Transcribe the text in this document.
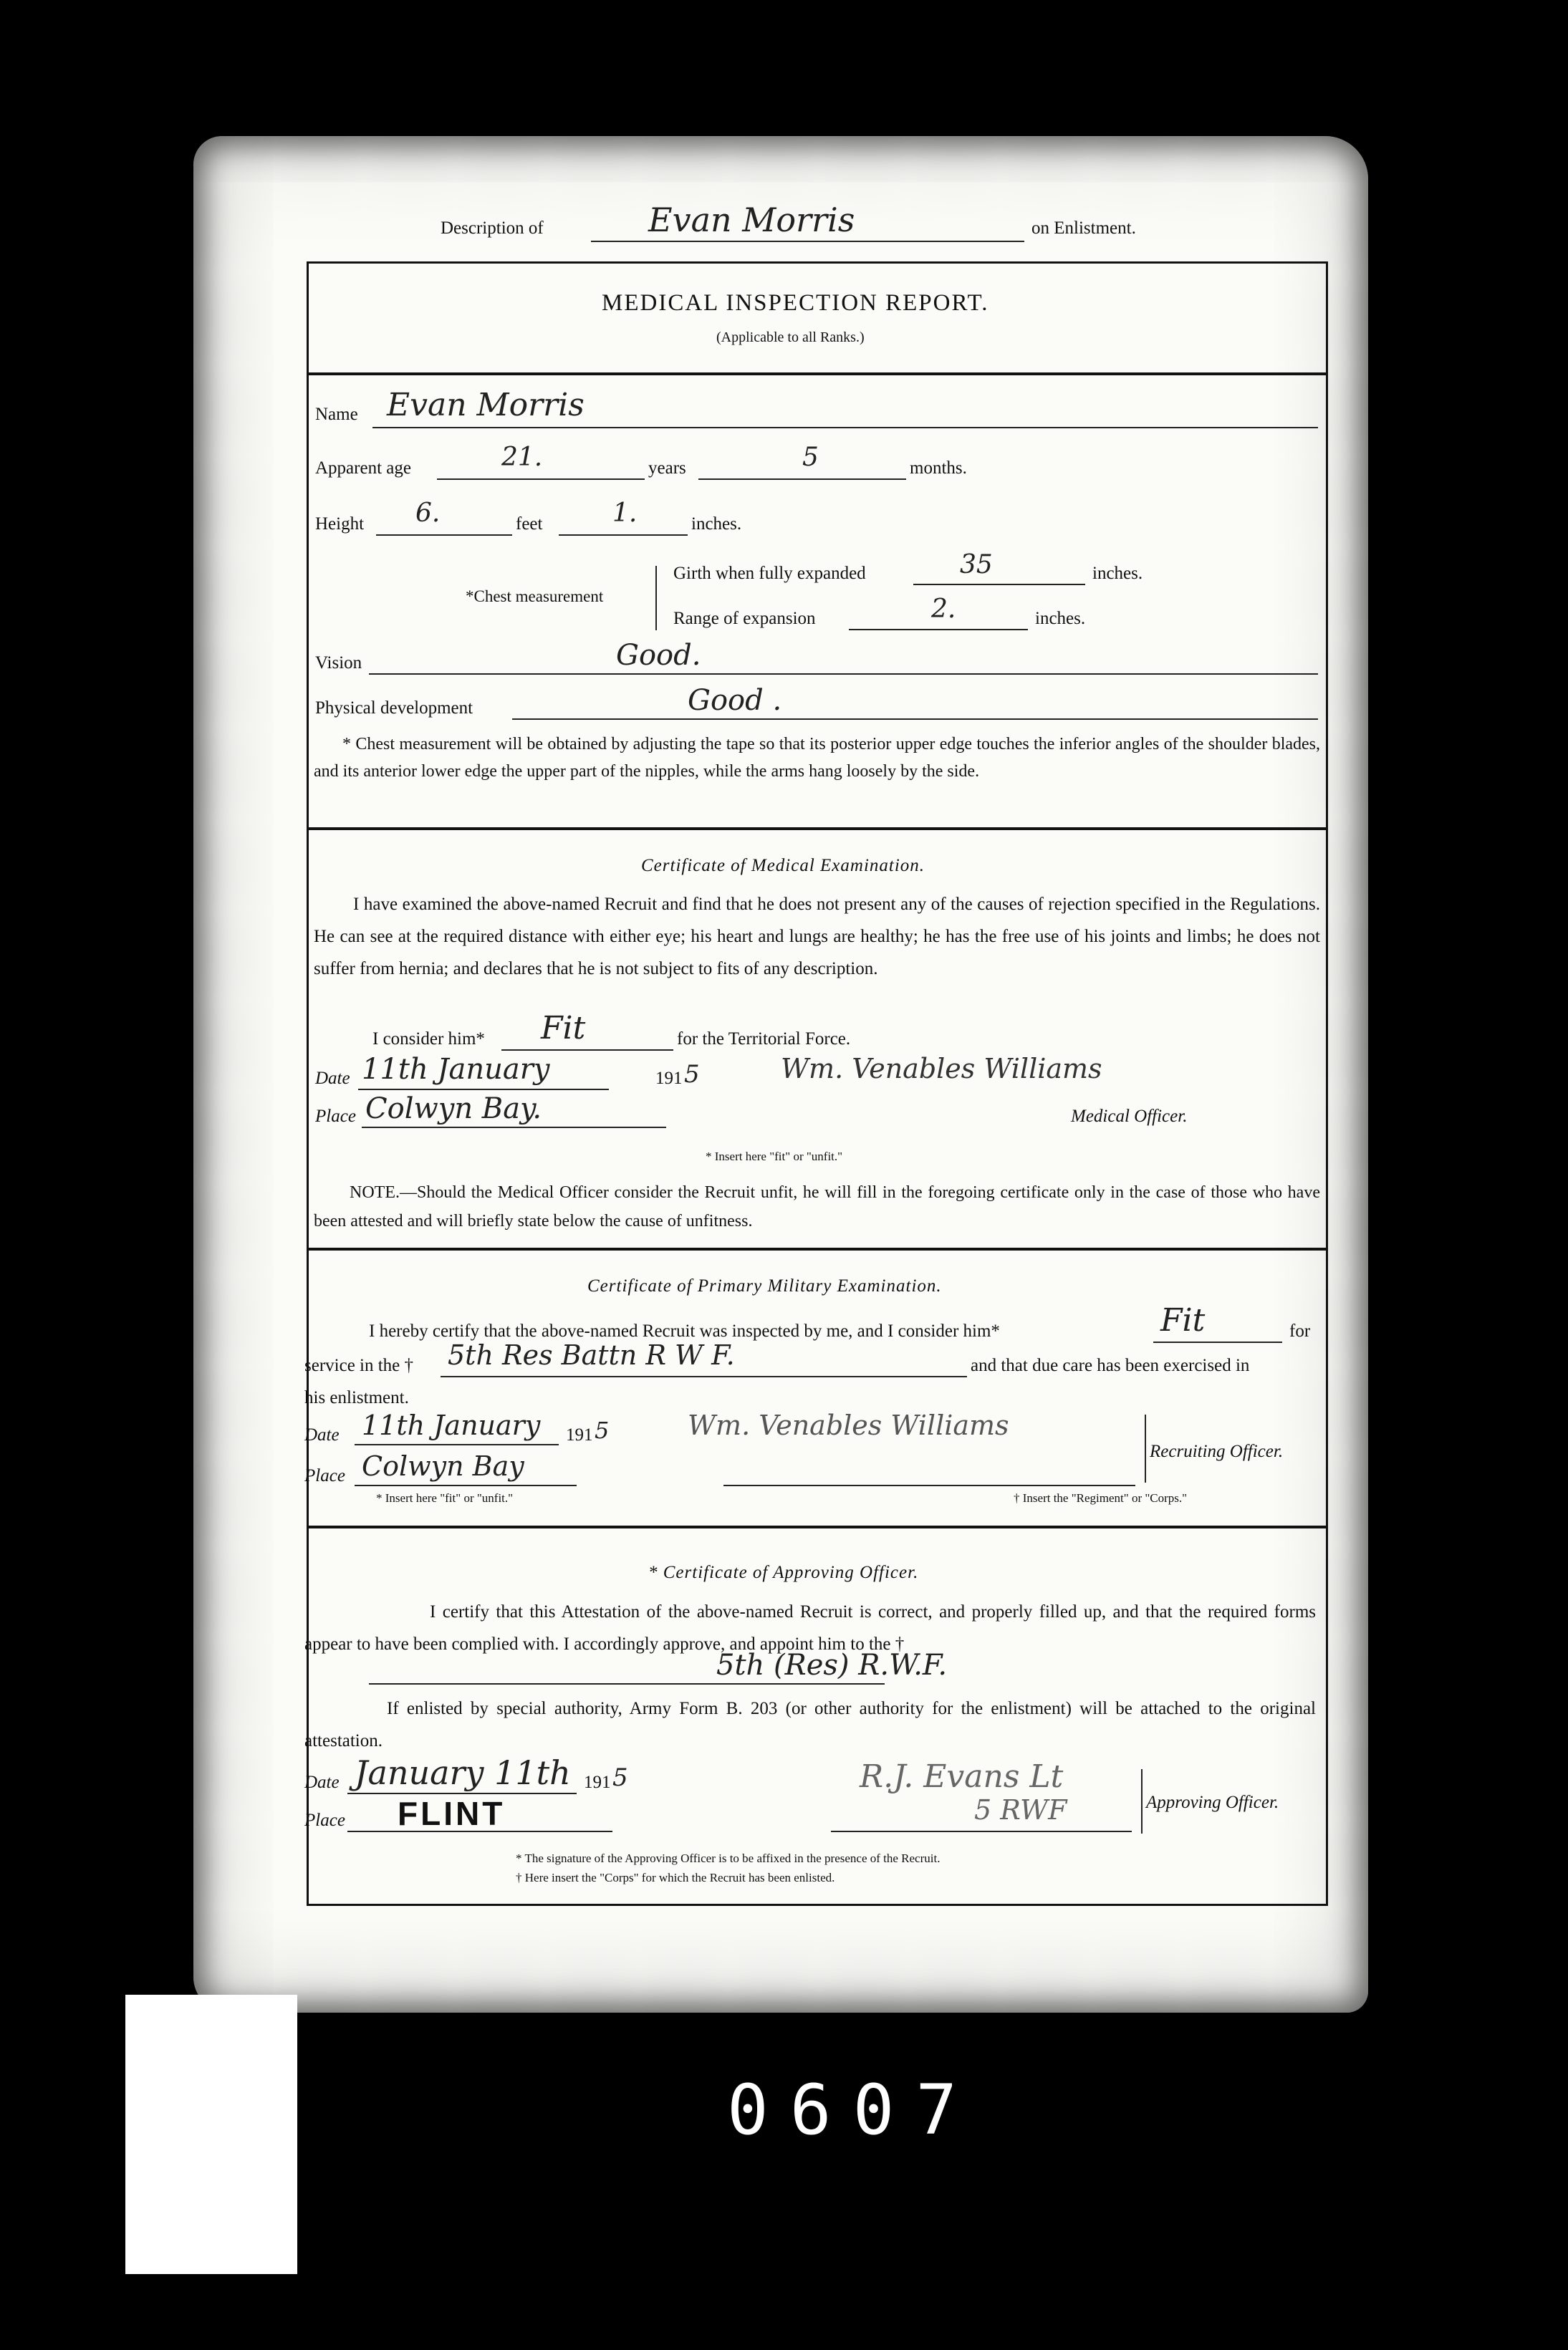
Description of	Evan Morris	on Enlistment.
MEDICAL INSPECTION REPORT.
(Applicable to all Ranks.)
Name Evan Morris
Apparent age	21.	years	5	months.
Height 6.	feet	1.	inches.
*Chest measurement
Girth when fully expanded	35	inches.
Range of expansion	2.	inches.
Vision	Good.
Physical development	Good .
* Chest measurement will be obtained by adjusting the tape so that its posterior upper edge touches the inferior angles of the shoulder blades, and its anterior lower edge the upper part of the nipples, while the arms hang loosely by the side.
Certificate of Medical Examination.
I have examined the above-named Recruit and find that he does not present any of the causes of rejection specified in the Regulations. He can see at the required distance with either eye; his heart and lungs are healthy; he has the free use of his joints and limbs; he does not suffer from hernia; and declares that he is not subject to fits of any description.
I consider him* Fit	for the Territorial Force.
Date 11th January	191 5	Wm. Venables Williams
Place Colwyn Bay.	Medical Officer.
* Insert here "fit" or "unfit."
NOTE.—Should the Medical Officer consider the Recruit unfit, he will fill in the foregoing certificate only in the case of those who have been attested and will briefly state below the cause of unfitness.
Certificate of Primary Military Examination.
I hereby certify that the above-named Recruit was inspected by me, and I consider him*	Fit	for
service in the † 5th Res Battn R W F.	and that due care has been exercised in
his enlistment.
Date 11th January 191 5	Wm. Venables Williams
Recruiting Officer.
Place Colwyn Bay
* Insert here "fit" or "unfit."	† Insert the "Regiment" or "Corps."
* Certificate of Approving Officer.
I certify that this Attestation of the above-named Recruit is correct, and properly filled up, and that the required forms appear to have been complied with. I accordingly approve, and appoint him to the †
5th (Res) R.W.F.
If enlisted by special authority, Army Form B. 203 (or other authority for the enlistment) will be attached to the original attestation.
Date January 11th 191 5	R.J. Evans Lt
5 RWF	Approving Officer.
Place FLINT
* The signature of the Approving Officer is to be affixed in the presence of the Recruit.
† Here insert the "Corps" for which the Recruit has been enlisted.
0607
